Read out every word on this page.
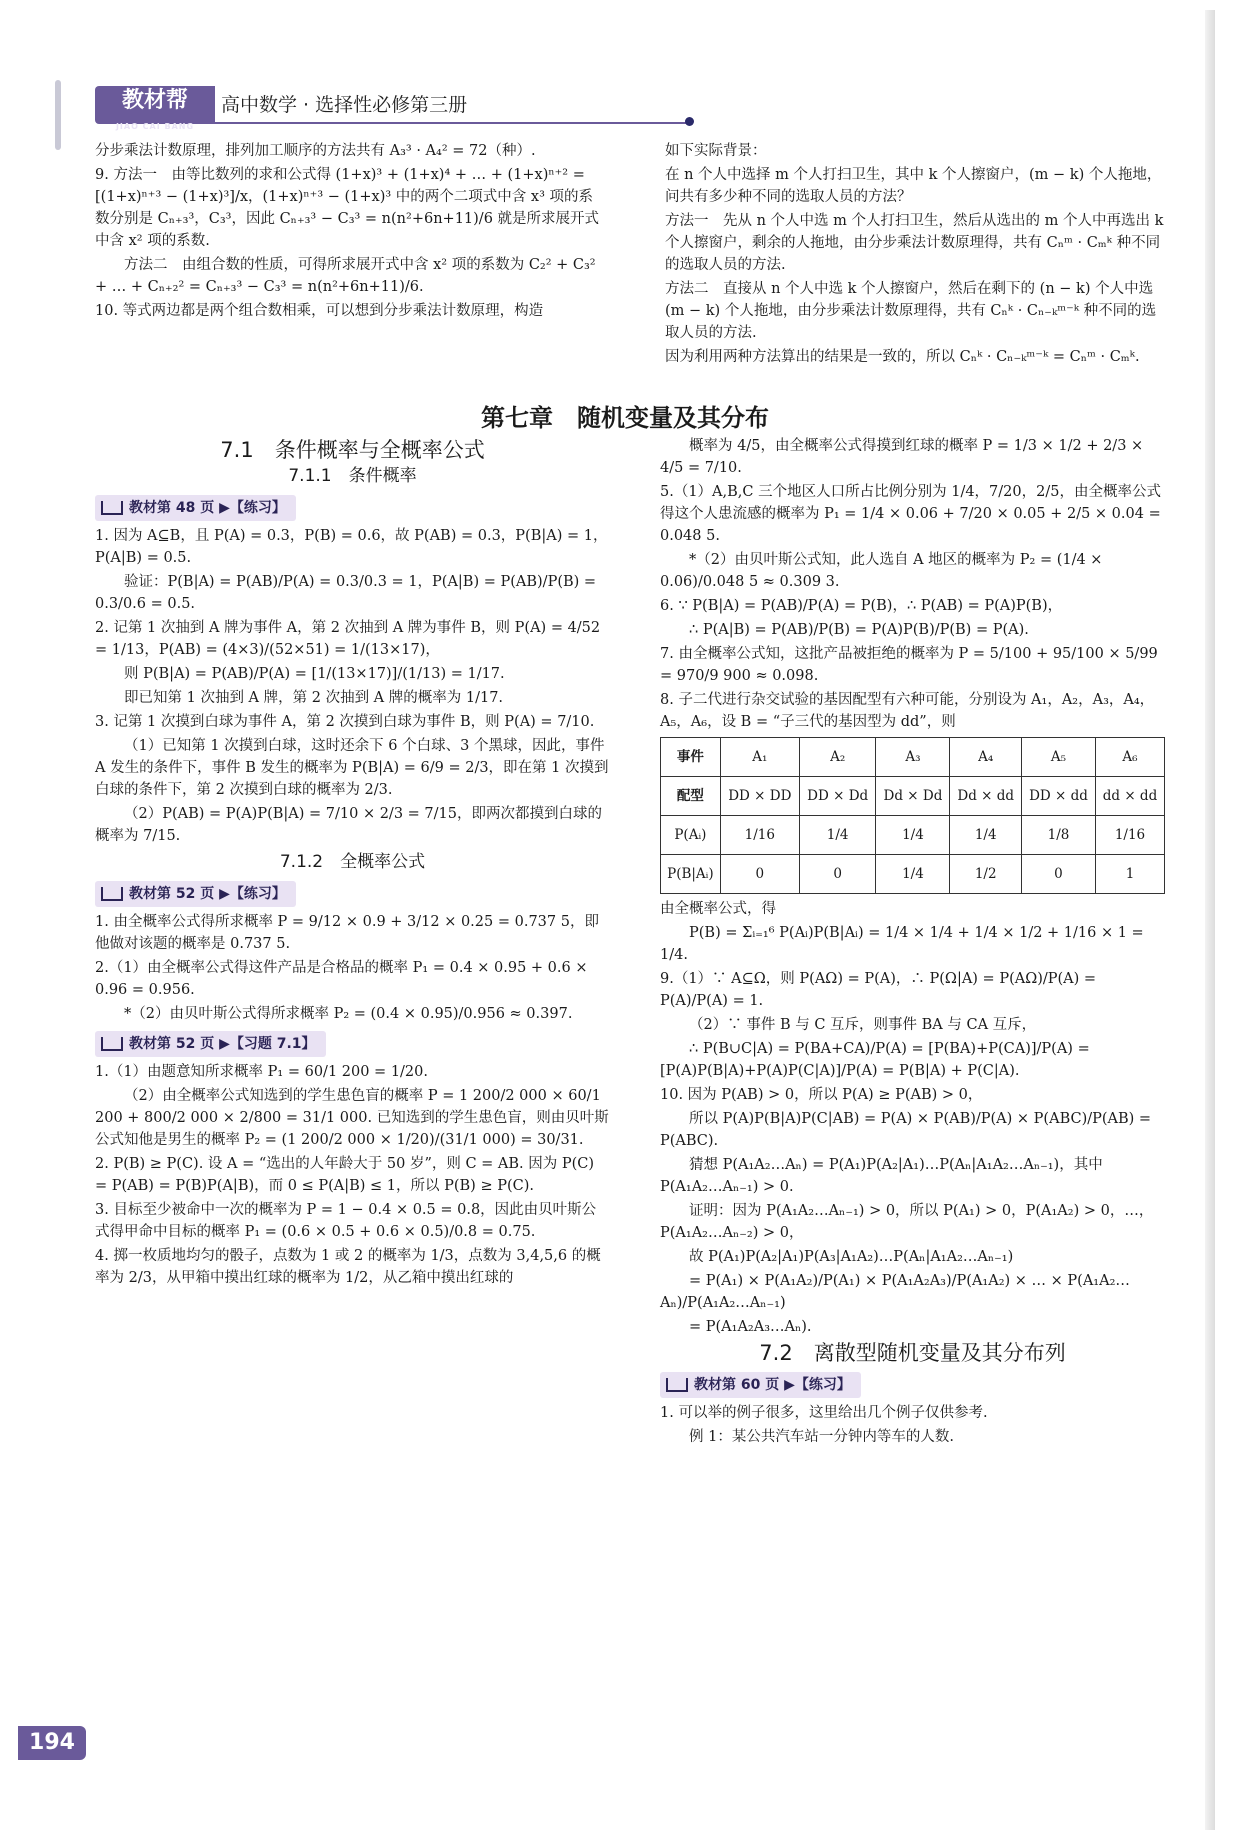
教材帮
JIAO CAI BANG
高中数学 · 选择性必修第三册

分步乘法计数原理，排列加工顺序的方法共有 A₃³ · A₄² = 72（种）.

9. 方法一　由等比数列的求和公式得 (1+x)³ + (1+x)⁴ + … + (1+x)ⁿ⁺² = [(1+x)ⁿ⁺³ − (1+x)³]/x，(1+x)ⁿ⁺³ − (1+x)³ 中的两个二项式中含 x³ 项的系数分别是 Cₙ₊₃³，C₃³，因此 Cₙ₊₃³ − C₃³ = n(n²+6n+11)/6 就是所求展开式中含 x² 项的系数.

方法二　由组合数的性质，可得所求展开式中含 x² 项的系数为 C₂² + C₃² + … + Cₙ₊₂² = Cₙ₊₃³ − C₃³ = n(n²+6n+11)/6.

10. 等式两边都是两个组合数相乘，可以想到分步乘法计数原理，构造

如下实际背景：

在 n 个人中选择 m 个人打扫卫生，其中 k 个人擦窗户，(m − k) 个人拖地，问共有多少种不同的选取人员的方法？

方法一　先从 n 个人中选 m 个人打扫卫生，然后从选出的 m 个人中再选出 k 个人擦窗户，剩余的人拖地，由分步乘法计数原理得，共有 Cₙᵐ · Cₘᵏ 种不同的选取人员的方法.

方法二　直接从 n 个人中选 k 个人擦窗户，然后在剩下的 (n − k) 个人中选 (m − k) 个人拖地，由分步乘法计数原理得，共有 Cₙᵏ · Cₙ₋ₖᵐ⁻ᵏ 种不同的选取人员的方法.

因为利用两种方法算出的结果是一致的，所以 Cₙᵏ · Cₙ₋ₖᵐ⁻ᵏ = Cₙᵐ · Cₘᵏ.

第七章　随机变量及其分布
7.1　条件概率与全概率公式
7.1.1　条件概率
教材第 48 页 ▶【练习】

1. 因为 A⊆B，且 P(A) = 0.3，P(B) = 0.6，故 P(AB) = 0.3，P(B|A) = 1，P(A|B) = 0.5.

验证：P(B|A) = P(AB)/P(A) = 0.3/0.3 = 1，P(A|B) = P(AB)/P(B) = 0.3/0.6 = 0.5.

2. 记第 1 次抽到 A 牌为事件 A，第 2 次抽到 A 牌为事件 B，则 P(A) = 4/52 = 1/13，P(AB) = (4×3)/(52×51) = 1/(13×17)，

则 P(B|A) = P(AB)/P(A) = [1/(13×17)]/(1/13) = 1/17.

即已知第 1 次抽到 A 牌，第 2 次抽到 A 牌的概率为 1/17.

3. 记第 1 次摸到白球为事件 A，第 2 次摸到白球为事件 B，则 P(A) = 7/10.

（1）已知第 1 次摸到白球，这时还余下 6 个白球、3 个黑球，因此，事件 A 发生的条件下，事件 B 发生的概率为 P(B|A) = 6/9 = 2/3，即在第 1 次摸到白球的条件下，第 2 次摸到白球的概率为 2/3.

（2）P(AB) = P(A)P(B|A) = 7/10 × 2/3 = 7/15，即两次都摸到白球的概率为 7/15.

7.1.2　全概率公式
教材第 52 页 ▶【练习】

1. 由全概率公式得所求概率 P = 9/12 × 0.9 + 3/12 × 0.25 = 0.737 5，即他做对该题的概率是 0.737 5.

2.（1）由全概率公式得这件产品是合格品的概率 P₁ = 0.4 × 0.95 + 0.6 × 0.96 = 0.956.

*（2）由贝叶斯公式得所求概率 P₂ = (0.4 × 0.95)/0.956 ≈ 0.397.

教材第 52 页 ▶【习题 7.1】

1.（1）由题意知所求概率 P₁ = 60/1 200 = 1/20.

（2）由全概率公式知选到的学生患色盲的概率 P = 1 200/2 000 × 60/1 200 + 800/2 000 × 2/800 = 31/1 000. 已知选到的学生患色盲，则由贝叶斯公式知他是男生的概率 P₂ = (1 200/2 000 × 1/20)/(31/1 000) = 30/31.

2. P(B) ≥ P(C). 设 A = “选出的人年龄大于 50 岁”，则 C = AB. 因为 P(C) = P(AB) = P(B)P(A|B)，而 0 ≤ P(A|B) ≤ 1，所以 P(B) ≥ P(C).

3. 目标至少被命中一次的概率为 P = 1 − 0.4 × 0.5 = 0.8，因此由贝叶斯公式得甲命中目标的概率 P₁ = (0.6 × 0.5 + 0.6 × 0.5)/0.8 = 0.75.

4. 掷一枚质地均匀的骰子，点数为 1 或 2 的概率为 1/3，点数为 3,4,5,6 的概率为 2/3，从甲箱中摸出红球的概率为 1/2，从乙箱中摸出红球的

概率为 4/5，由全概率公式得摸到红球的概率 P = 1/3 × 1/2 + 2/3 × 4/5 = 7/10.

5.（1）A,B,C 三个地区人口所占比例分别为 1/4，7/20，2/5，由全概率公式得这个人患流感的概率为 P₁ = 1/4 × 0.06 + 7/20 × 0.05 + 2/5 × 0.04 = 0.048 5.

*（2）由贝叶斯公式知，此人选自 A 地区的概率为 P₂ = (1/4 × 0.06)/0.048 5 ≈ 0.309 3.

6. ∵ P(B|A) = P(AB)/P(A) = P(B)，∴ P(AB) = P(A)P(B)，

∴ P(A|B) = P(AB)/P(B) = P(A)P(B)/P(B) = P(A).

7. 由全概率公式知，这批产品被拒绝的概率为 P = 5/100 + 95/100 × 5/99 = 970/9 900 ≈ 0.098.

8. 子二代进行杂交试验的基因配型有六种可能，分别设为 A₁，A₂，A₃，A₄，A₅，A₆，设 B = “子三代的基因型为 dd”，则

事件	A₁	A₂	A₃	A₄	A₅	A₆
配型	DD × DD	DD × Dd	Dd × Dd	Dd × dd	DD × dd	dd × dd
P(Aᵢ)	1/16	1/4	1/4	1/4	1/8	1/16
P(B|Aᵢ)	0	0	1/4	1/2	0	1

由全概率公式，得

P(B) = Σᵢ₌₁⁶ P(Aᵢ)P(B|Aᵢ) = 1/4 × 1/4 + 1/4 × 1/2 + 1/16 × 1 = 1/4.

9.（1）∵ A⊆Ω，则 P(AΩ) = P(A)，∴ P(Ω|A) = P(AΩ)/P(A) = P(A)/P(A) = 1.

（2）∵ 事件 B 与 C 互斥，则事件 BA 与 CA 互斥，

∴ P(B∪C|A) = P(BA+CA)/P(A) = [P(BA)+P(CA)]/P(A) = [P(A)P(B|A)+P(A)P(C|A)]/P(A) = P(B|A) + P(C|A).

10. 因为 P(AB) > 0，所以 P(A) ≥ P(AB) > 0，

所以 P(A)P(B|A)P(C|AB) = P(A) × P(AB)/P(A) × P(ABC)/P(AB) = P(ABC).

猜想 P(A₁A₂…Aₙ) = P(A₁)P(A₂|A₁)…P(Aₙ|A₁A₂…Aₙ₋₁)，其中 P(A₁A₂…Aₙ₋₁) > 0.

证明：因为 P(A₁A₂…Aₙ₋₁) > 0，所以 P(A₁) > 0，P(A₁A₂) > 0，…，P(A₁A₂…Aₙ₋₂) > 0，

故 P(A₁)P(A₂|A₁)P(A₃|A₁A₂)…P(Aₙ|A₁A₂…Aₙ₋₁)

= P(A₁) × P(A₁A₂)/P(A₁) × P(A₁A₂A₃)/P(A₁A₂) × … × P(A₁A₂…Aₙ)/P(A₁A₂…Aₙ₋₁)

= P(A₁A₂A₃…Aₙ).

7.2　离散型随机变量及其分布列
教材第 60 页 ▶【练习】

1. 可以举的例子很多，这里给出几个例子仅供参考.

例 1：某公共汽车站一分钟内等车的人数.

194
